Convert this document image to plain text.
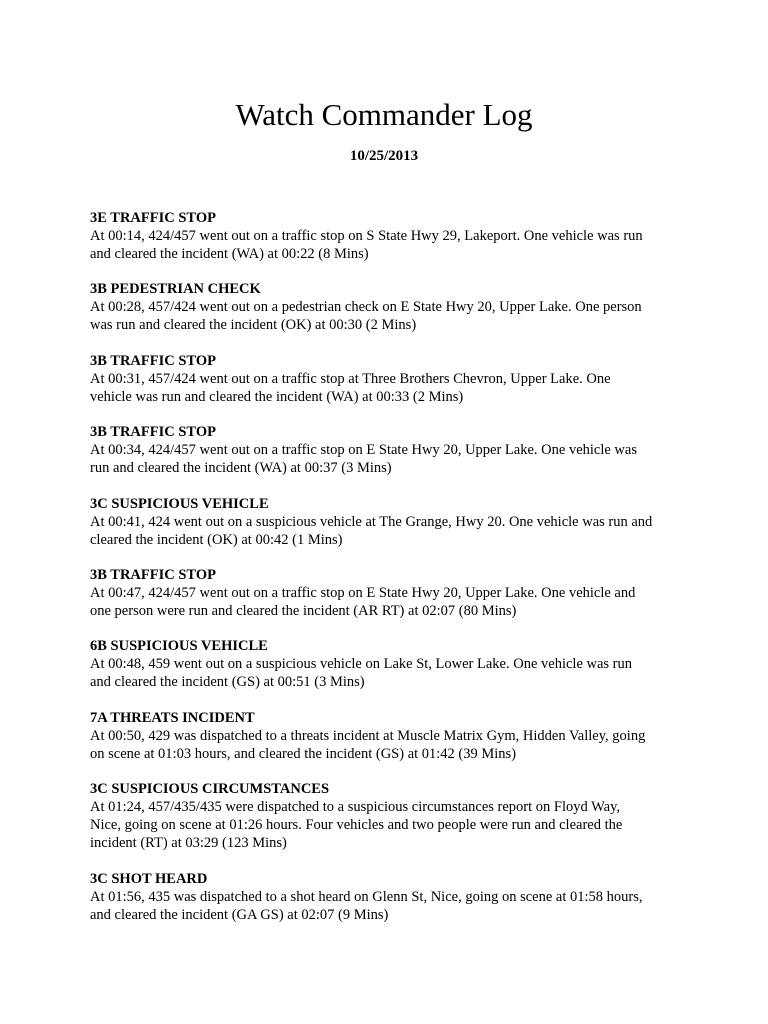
Watch Commander Log
10/25/2013
3E TRAFFIC STOP
At 00:14, 424/457 went out on a traffic stop on S State Hwy 29, Lakeport. One vehicle was run
and cleared the incident (WA) at 00:22 (8 Mins)
3B PEDESTRIAN CHECK
At 00:28, 457/424 went out on a pedestrian check on E State Hwy 20, Upper Lake. One person
was run and cleared the incident (OK) at 00:30 (2 Mins)
3B TRAFFIC STOP
At 00:31, 457/424 went out on a traffic stop at Three Brothers Chevron, Upper Lake. One
vehicle was run and cleared the incident (WA) at 00:33 (2 Mins)
3B TRAFFIC STOP
At 00:34, 424/457 went out on a traffic stop on E State Hwy 20, Upper Lake. One vehicle was
run and cleared the incident (WA) at 00:37 (3 Mins)
3C SUSPICIOUS VEHICLE
At 00:41, 424 went out on a suspicious vehicle at The Grange, Hwy 20. One vehicle was run and
cleared the incident (OK) at 00:42 (1 Mins)
3B TRAFFIC STOP
At 00:47, 424/457 went out on a traffic stop on E State Hwy 20, Upper Lake. One vehicle and
one person were run and cleared the incident (AR RT) at 02:07 (80 Mins)
6B SUSPICIOUS VEHICLE
At 00:48, 459 went out on a suspicious vehicle on Lake St, Lower Lake. One vehicle was run
and cleared the incident (GS) at 00:51 (3 Mins)
7A THREATS INCIDENT
At 00:50, 429 was dispatched to a threats incident at Muscle Matrix Gym, Hidden Valley, going
on scene at 01:03 hours, and cleared the incident (GS) at 01:42 (39 Mins)
3C SUSPICIOUS CIRCUMSTANCES
At 01:24, 457/435/435 were dispatched to a suspicious circumstances report on Floyd Way,
Nice, going on scene at 01:26 hours. Four vehicles and two people were run and cleared the
incident (RT) at 03:29 (123 Mins)
3C SHOT HEARD
At 01:56, 435 was dispatched to a shot heard on Glenn St, Nice, going on scene at 01:58 hours,
and cleared the incident (GA GS) at 02:07 (9 Mins)
